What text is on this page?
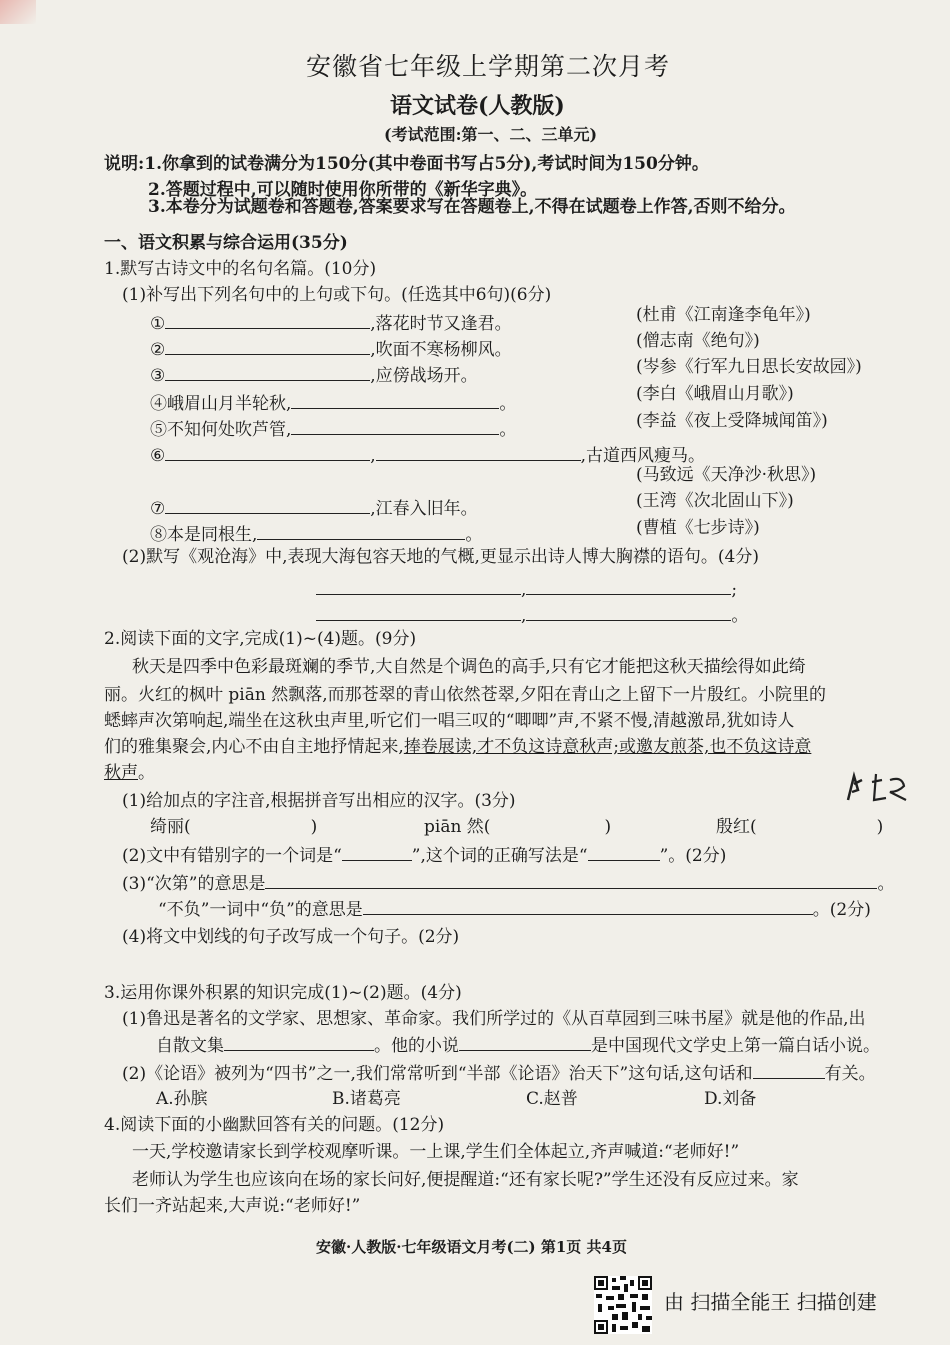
安徽省七年级上学期第二次月考
语文试卷(人教版)
(考试范围:第一、二、三单元)
说明:1.你拿到的试卷满分为150分(其中卷面书写占5分),考试时间为150分钟。
2.答题过程中,可以随时使用你所带的《新华字典》。
3.本卷分为试题卷和答题卷,答案要求写在答题卷上,不得在试题卷上作答,否则不给分。
一、语文积累与综合运用(35分)
1.默写古诗文中的名句名篇。(10分)
(1)补写出下列名句中的上句或下句。(任选其中6句)(6分)
①	,落花时节又逢君。	(杜甫《江南逢李龟年》)
②	,吹面不寒杨柳风。	(僧志南《绝句》)
③	,应傍战场开。	(岑参《行军九日思长安故园》)
④峨眉山月半轮秋,	。	(李白《峨眉山月歌》)
⑤不知何处吹芦管,	。	(李益《夜上受降城闻笛》)
⑥	,	,古道西风瘦马。
(马致远《天净沙·秋思》)
⑦	,江春入旧年。	(王湾《次北固山下》)
⑧本是同根生,	。	(曹植《七步诗》)
(2)默写《观沧海》中,表现大海包容天地的气概,更显示出诗人博大胸襟的语句。(4分)
,	;
,	。
2.阅读下面的文字,完成(1)~(4)题。(9分)
秋天是四季中色彩最斑斓的季节,大自然是个调色的高手,只有它才能把这秋天描绘得如此绮
丽。火红的枫叶 piān 然飘落,而那苍翠的青山依然苍翠,夕阳在青山之上留下一片殷红。小院里的
蟋蟀声次第响起,端坐在这秋虫声里,听它们一唱三叹的“唧唧”声,不紧不慢,清越激昂,犹如诗人
们的雅集聚会,内心不由自主地抒情起来,捧卷展读,才不负这诗意秋声;或邀友煎茶,也不负这诗意
秋声。
(1)给加点的字注音,根据拼音写出相应的汉字。(3分)
绮丽(	)	piān 然(	)	殷红(	)
(2)文中有错别字的一个词是“	”,这个词的正确写法是“	”。(2分)
(3)“次第”的意思是	。
“不负”一词中“负”的意思是	。(2分)
(4)将文中划线的句子改写成一个句子。(2分)
3.运用你课外积累的知识完成(1)~(2)题。(4分)
(1)鲁迅是著名的文学家、思想家、革命家。我们所学过的《从百草园到三味书屋》就是他的作品,出
自散文集	。他的小说	是中国现代文学史上第一篇白话小说。
(2)《论语》被列为“四书”之一,我们常常听到“半部《论语》治天下”这句话,这句话和	有关。
A.孙膑	B.诸葛亮	C.赵普	D.刘备
4.阅读下面的小幽默回答有关的问题。(12分)
一天,学校邀请家长到学校观摩听课。一上课,学生们全体起立,齐声喊道:“老师好!”
老师认为学生也应该向在场的家长问好,便提醒道:“还有家长呢?”学生还没有反应过来。家
长们一齐站起来,大声说:“老师好!”
安徽·人教版·七年级语文月考(二) 第1页 共4页
由 扫描全能王 扫描创建
